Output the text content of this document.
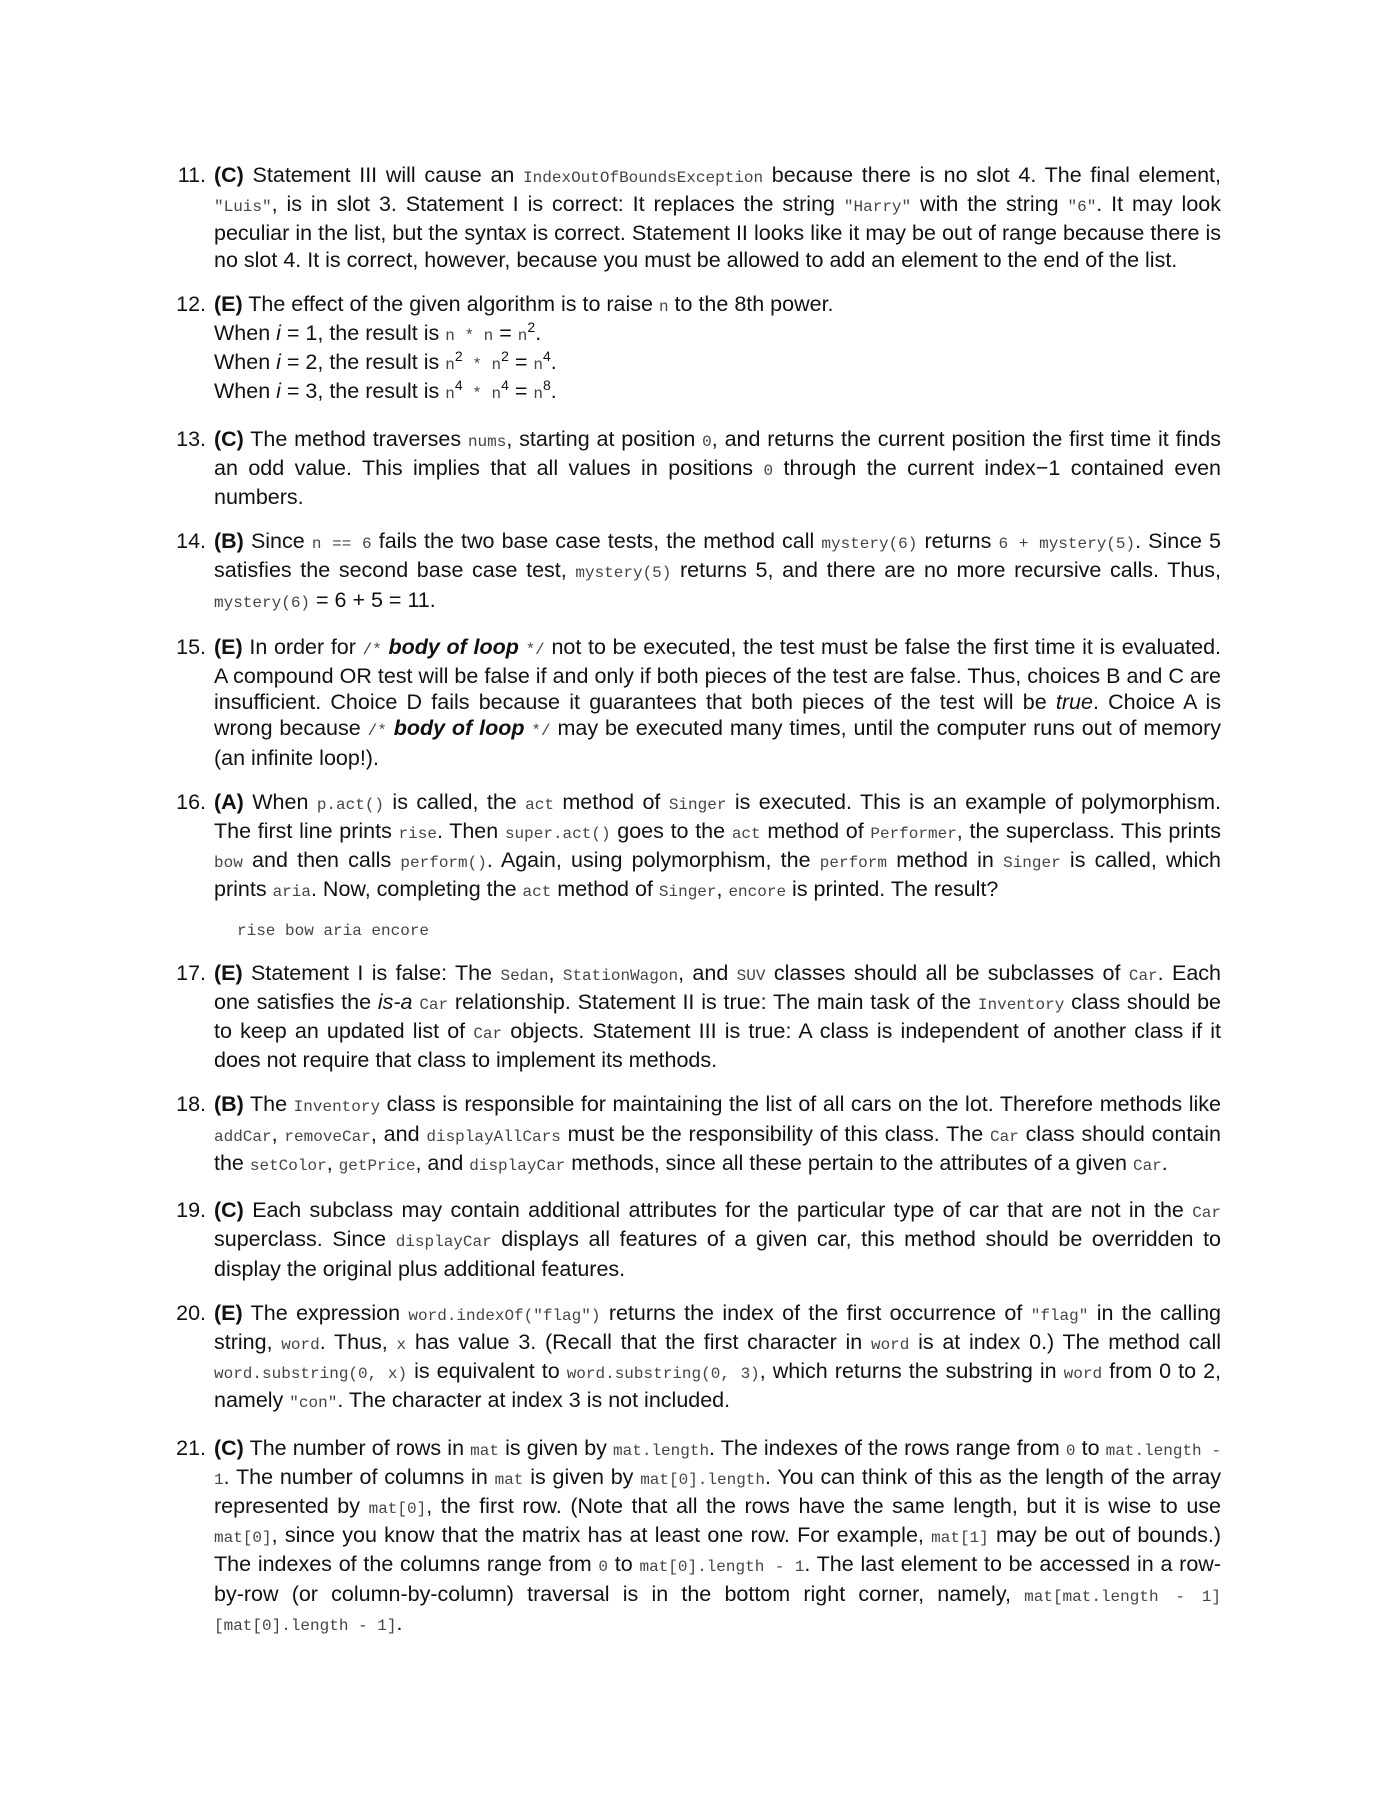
11. (C) Statement III will cause an IndexOutOfBoundsException because there is no slot 4. The final element, "Luis", is in slot 3. Statement I is correct: It replaces the string "Harry" with the string "6". It may look peculiar in the list, but the syntax is correct. Statement II looks like it may be out of range because there is no slot 4. It is correct, however, because you must be allowed to add an element to the end of the list.
12. (E) The effect of the given algorithm is to raise n to the 8th power.
When i = 1, the result is $n * n = n^2$.
When i = 2, the result is $n^2 * n^2 = n^4$.
When i = 3, the result is $n^4 * n^4 = n^8$.
13. (C) The method traverses nums, starting at position 0, and returns the current position the first time it finds an odd value. This implies that all values in positions 0 through the current index−1 contained even numbers.
14. (B) Since n == 6 fails the two base case tests, the method call mystery(6) returns 6 + mystery(5). Since 5 satisfies the second base case test, mystery(5) returns 5, and there are no more recursive calls. Thus, mystery(6) = 6 + 5 = 11.
15. (E) In order for /* body of loop */ not to be executed, the test must be false the first time it is evaluated. A compound OR test will be false if and only if both pieces of the test are false. Thus, choices B and C are insufficient. Choice D fails because it guarantees that both pieces of the test will be true. Choice A is wrong because /* body of loop */ may be executed many times, until the computer runs out of memory (an infinite loop!).
16. (A) When p.act() is called, the act method of Singer is executed. This is an example of polymorphism. The first line prints rise. Then super.act() goes to the act method of Performer, the superclass. This prints bow and then calls perform(). Again, using polymorphism, the perform method in Singer is called, which prints aria. Now, completing the act method of Singer, encore is printed. The result?
rise bow aria encore
17. (E) Statement I is false: The Sedan, StationWagon, and SUV classes should all be subclasses of Car. Each one satisfies the is-a Car relationship. Statement II is true: The main task of the Inventory class should be to keep an updated list of Car objects. Statement III is true: A class is independent of another class if it does not require that class to implement its methods.
18. (B) The Inventory class is responsible for maintaining the list of all cars on the lot. Therefore methods like addCar, removeCar, and displayAllCars must be the responsibility of this class. The Car class should contain the setColor, getPrice, and displayCar methods, since all these pertain to the attributes of a given Car.
19. (C) Each subclass may contain additional attributes for the particular type of car that are not in the Car superclass. Since displayCar displays all features of a given car, this method should be overridden to display the original plus additional features.
20. (E) The expression word.indexOf("flag") returns the index of the first occurrence of "flag" in the calling string, word. Thus, x has value 3. (Recall that the first character in word is at index 0.) The method call word.substring(0, x) is equivalent to word.substring(0, 3), which returns the substring in word from 0 to 2, namely "con". The character at index 3 is not included.
21. (C) The number of rows in mat is given by mat.length. The indexes of the rows range from 0 to mat.length - 1. The number of columns in mat is given by mat[0].length. You can think of this as the length of the array represented by mat[0], the first row. (Note that all the rows have the same length, but it is wise to use mat[0], since you know that the matrix has at least one row. For example, mat[1] may be out of bounds.) The indexes of the columns range from 0 to mat[0].length - 1. The last element to be accessed in a row-by-row (or column-by-column) traversal is in the bottom right corner, namely, mat[mat.length - 1][mat[0].length - 1].
